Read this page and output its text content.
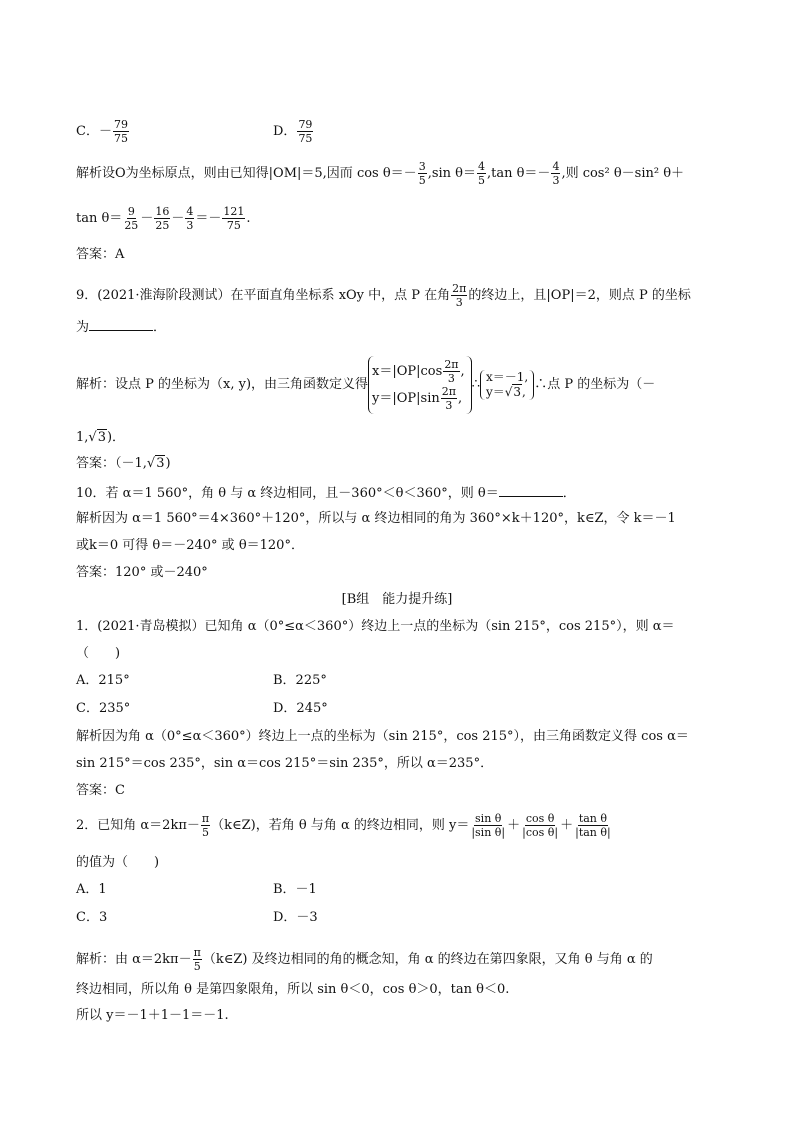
C．－ $\frac{79}{75}$	D． $\frac{79}{75}$
解析设O为坐标原点，则由已知得|OM|＝5,因而 $\cos \theta=- \frac{3}{5} ,\sin$ $\theta= \frac{4}{5} ,\tan$ $\theta=- \frac{4}{3}$ ,则 cos² θ－sin² θ＋
$\tan \theta= \frac{9}{25} - \frac{16}{25} - \frac{4}{3} =- \frac{121}{75}$ .
答案：A
9．(2021·淮海阶段测试）在平面直角坐标系 xOy 中，点 P 在角 $\frac{2\pi}{3}$ 的终边上，且|OP|＝2，则点 P 的坐标
为	．
解析：设点 P 的坐标为（x, y)，由三角函数定义得
$x=|OP|\cos \frac{2\pi}{3}$ ,
$y=|OP|\sin \frac{2\pi}{3}$ ,
∴ x＝－1,
y＝√3, ∴点 P 的坐标为（－
1,√3)．
答案：（－1,√3)
10．若 α＝1 560°，角 θ 与 α 终边相同，且－360°＜θ＜360°，则 θ＝	．
解析因为 α＝1 560°＝4×360°＋120°，所以与 α 终边相同的角为 360°×k＋120°，k∈Z，令 k＝－1
或k＝0 可得 θ＝－240° 或 θ＝120°．
答案：120° 或－240°
[B组　能力提升练]
1．(2021·青岛模拟）已知角 α（0°≤α＜360°）终边上一点的坐标为（sin 215°，cos 215°），则 α＝
（　　)
A．215°	B．225°
C．235°	D．245°
解析因为角 α（0°≤α＜360°）终边上一点的坐标为（sin 215°，cos 215°），由三角函数定义得 cos α＝
sin 215°＝cos 235°，sin α＝cos 215°＝sin 235°，所以 α＝235°．
答案：C
2．已知角 $\alpha=2k\pi- \frac{\pi}{5}$ （k∈Z)，若角 θ 与角 α 的终边相同，则 $y= \frac{\text{sin θ}}{\text{|sin θ|}} + \frac{\text{cos θ}}{\text{|cos θ|}} + \frac{\text{tan θ}}{\text{|tan θ|}}$
的值为（　　)
A．1	B．－1
C．3	D．－3
解析：由 $\alpha=2k\pi- \frac{\pi}{5}$ （k∈Z) 及终边相同的角的概念知，角 α 的终边在第四象限，又角 θ 与角 α 的
终边相同，所以角 θ 是第四象限角，所以 sin θ＜0，cos θ＞0，tan θ＜0.
所以 y＝－1＋1－1＝－1.
